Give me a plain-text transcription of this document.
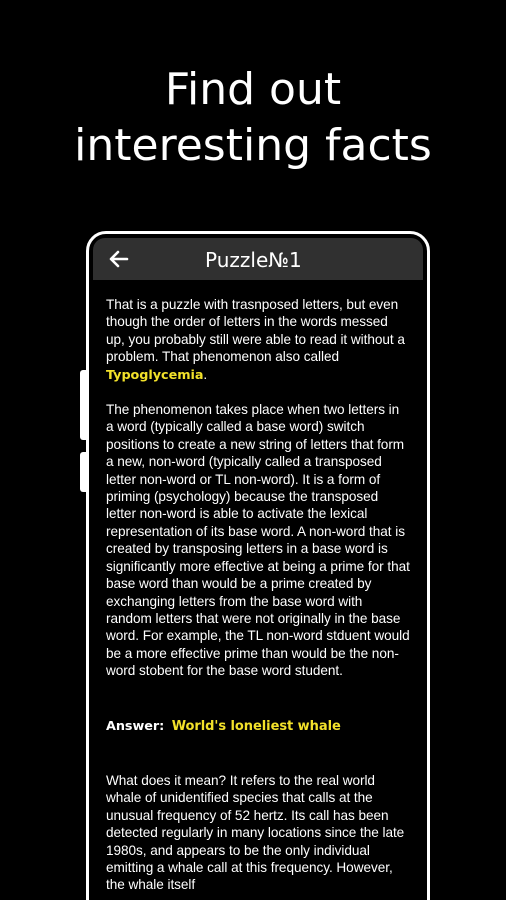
Find out
interesting facts
Puzzle№1

That is a puzzle with trasnposed letters, but even though the order of letters in the words messed up, you probably still were able to read it without a problem. That phenomenon also called Typoglycemia.

The phenomenon takes place when two letters in a word (typically called a base word) switch positions to create a new string of letters that form a new, non-word (typically called a transposed letter non-word or TL non-word). It is a form of priming (psychology) because the transposed letter non-word is able to activate the lexical representation of its base word. A non-word that is created by transposing letters in a base word is significantly more effective at being a prime for that base word than would be a prime created by exchanging letters from the base word with random letters that were not originally in the base word. For example, the TL non-word stduent would be a more effective prime than would be the non-word stobent for the base word student.

Answer: World's loneliest whale

What does it mean? It refers to the real world whale of unidentified species that calls at the unusual frequency of 52 hertz. Its call has been detected regularly in many locations since the late 1980s, and appears to be the only individual emitting a whale call at this frequency. However, the whale itself
